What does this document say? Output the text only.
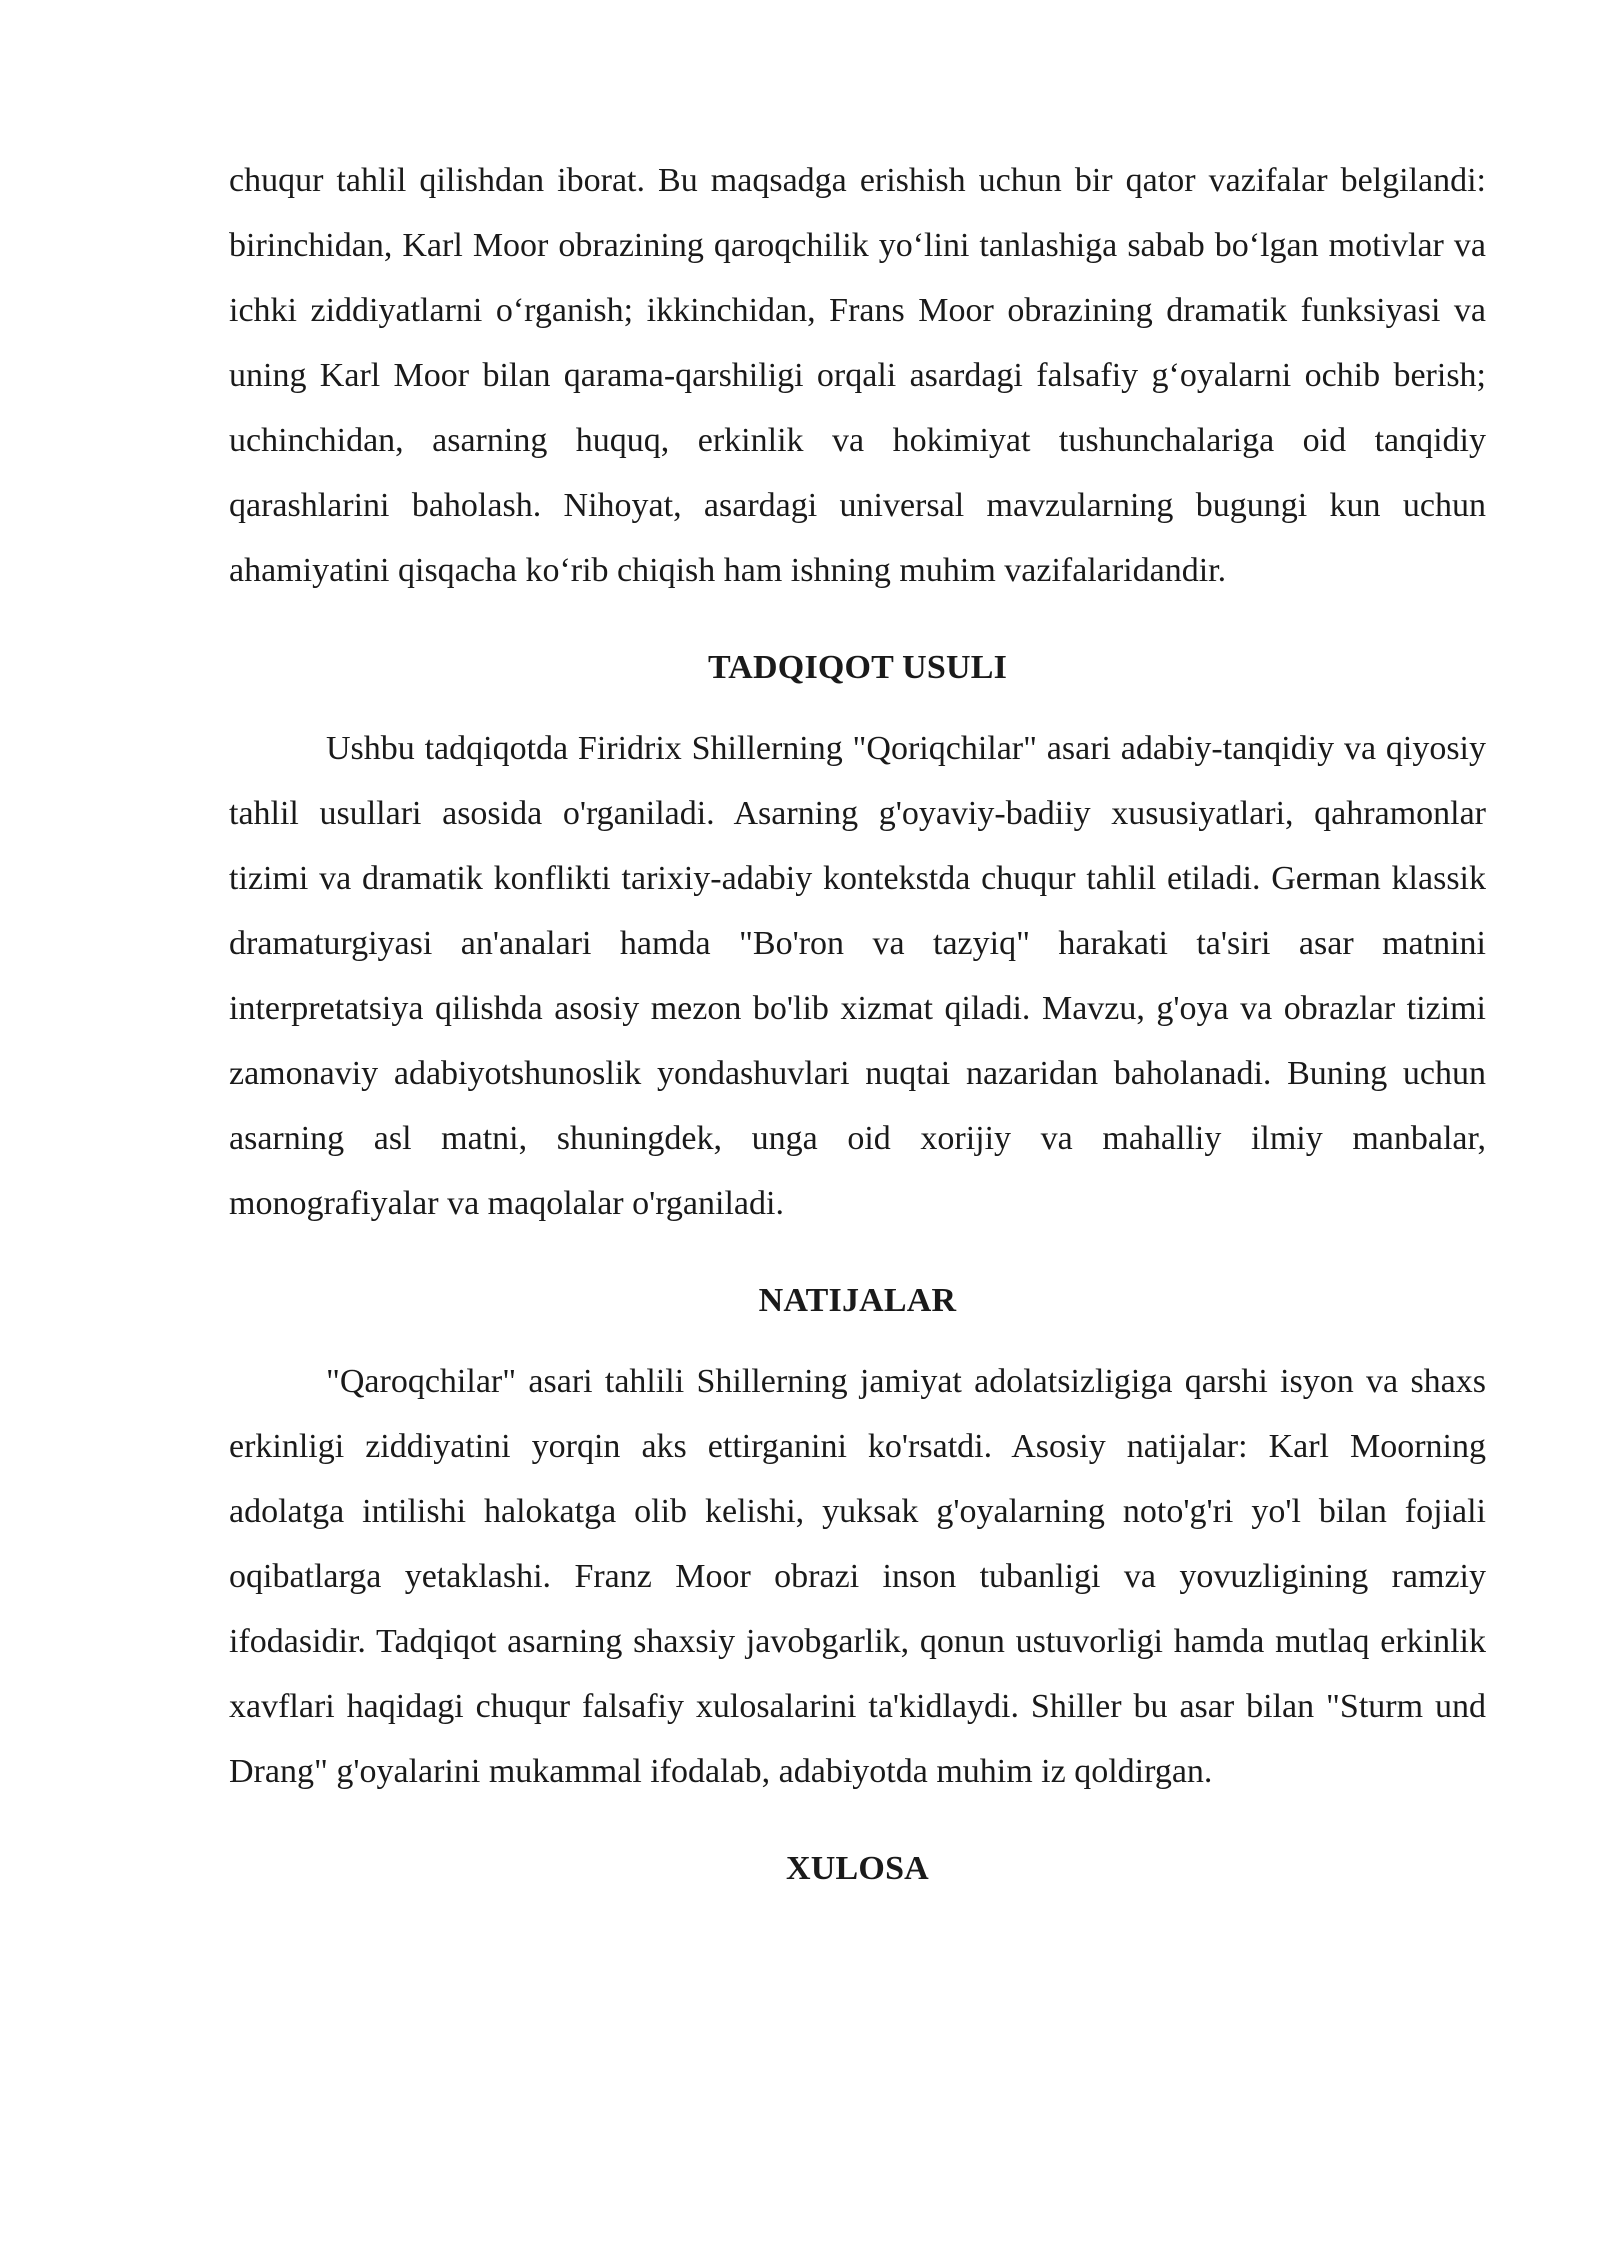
chuqur tahlil qilishdan iborat. Bu maqsadga erishish uchun bir qator vazifalar belgilandi: birinchidan, Karl Moor obrazining qaroqchilik yo‘lini tanlashiga sabab bo‘lgan motivlar va ichki ziddiyatlarni o‘rganish; ikkinchidan, Frans Moor obrazining dramatik funksiyasi va uning Karl Moor bilan qarama-qarshiligi orqali asardagi falsafiy g‘oyalarni ochib berish; uchinchidan, asarning huquq, erkinlik va hokimiyat tushunchalariga oid tanqidiy qarashlarini baholash. Nihoyat, asardagi universal mavzularning bugungi kun uchun ahamiyatini qisqacha ko‘rib chiqish ham ishning muhim vazifalaridandir.

TADQIQOT USULI

Ushbu tadqiqotda Firidrix Shillerning "Qoriqchilar" asari adabiy-tanqidiy va qiyosiy tahlil usullari asosida o'rganiladi. Asarning g'oyaviy-badiiy xususiyatlari, qahramonlar tizimi va dramatik konflikti tarixiy-adabiy kontekstda chuqur tahlil etiladi. German klassik dramaturgiyasi an'analari hamda "Bo'ron va tazyiq" harakati ta'siri asar matnini interpretatsiya qilishda asosiy mezon bo'lib xizmat qiladi. Mavzu, g'oya va obrazlar tizimi zamonaviy adabiyotshunoslik yondashuvlari nuqtai nazaridan baholanadi. Buning uchun asarning asl matni, shuningdek, unga oid xorijiy va mahalliy ilmiy manbalar, monografiyalar va maqolalar o'rganiladi.

NATIJALAR

"Qaroqchilar" asari tahlili Shillerning jamiyat adolatsizligiga qarshi isyon va shaxs erkinligi ziddiyatini yorqin aks ettirganini ko'rsatdi. Asosiy natijalar: Karl Moorning adolatga intilishi halokatga olib kelishi, yuksak g'oyalarning noto'g'ri yo'l bilan fojiali oqibatlarga yetaklashi. Franz Moor obrazi inson tubanligi va yovuzligining ramziy ifodasidir. Tadqiqot asarning shaxsiy javobgarlik, qonun ustuvorligi hamda mutlaq erkinlik xavflari haqidagi chuqur falsafiy xulosalarini ta'kidlaydi. Shiller bu asar bilan "Sturm und Drang" g'oyalarini mukammal ifodalab, adabiyotda muhim iz qoldirgan.

XULOSA
